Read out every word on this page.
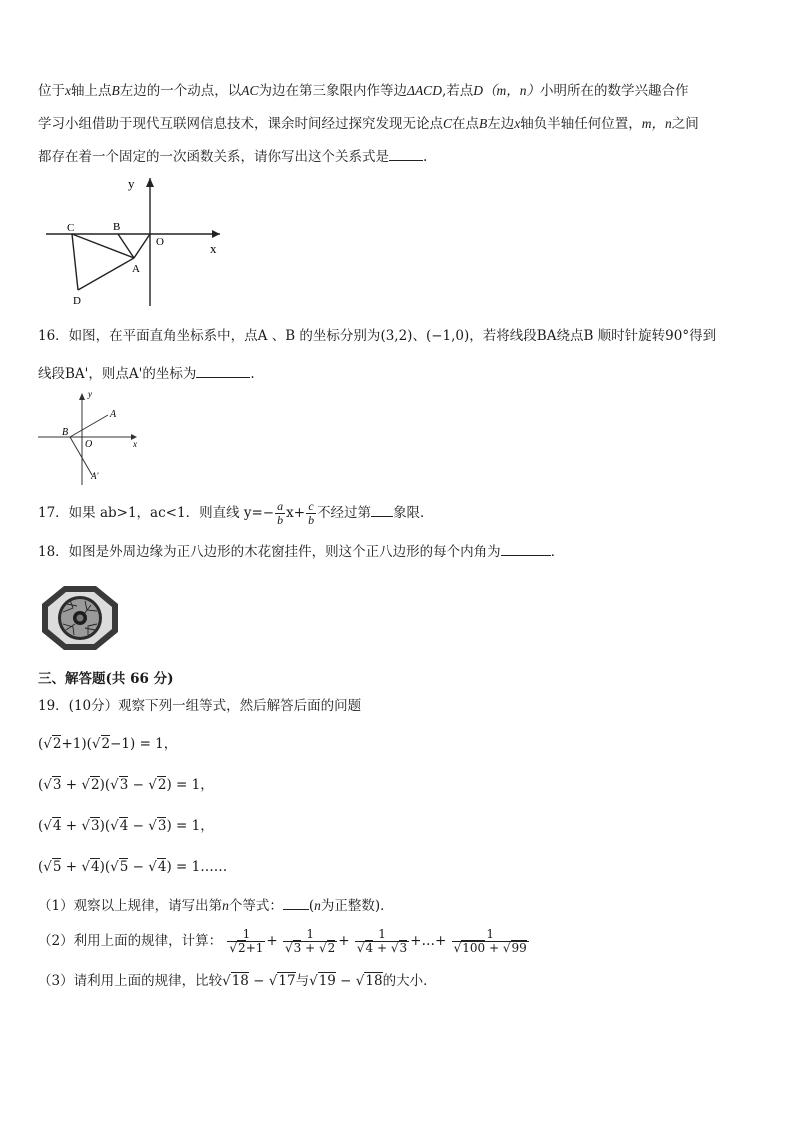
位于x轴上点B左边的一个动点，以AC为边在第三象限内作等边ΔACD,若点D（m，n）小明所在的数学兴趣合作
学习小组借助于现代互联网信息技术，课余时间经过探究发现无论点C在点B左边x轴负半轴任何位置，m，n之间
都存在着一个固定的一次函数关系，请你写出这个关系式是	.
y
x
O
C	B
A
D
16．如图，在平面直角坐标系中，点A 、B 的坐标分别为(3,2)、(−1,0)，若将线段BA绕点B 顺时针旋转90°得到
线段BA'，则点A'的坐标为	.
y
x
O
B
A
A'
17．如果 ab>1，ac<1．则直线 $y=- \frac{a}{b} x+ \frac{c}{b}$ 不经过第 象限．
18．如图是外周边缘为正八边形的木花窗挂件，则这个正八边形的每个内角为	．
三、解答题(共 66 分)
19．(10分）观察下列一组等式，然后解答后面的问题
(√2+1)(√2−1) = 1，
(√3 + √2)(√3 − √2) = 1，
(√4 + √3)(√4 − √3) = 1，
(√5 + √4)(√5 − √4) = 1……
（1）观察以上规律，请写出第n个等式： (n为正整数)．
（2）利用上面的规律，计算： $\frac{1}{√2+1} + \frac{1}{√3 + √2} + \frac{1}{√4 + √3}$ +…+ $\frac{1}{√100 + √99}$
（3）请利用上面的规律，比较√18 − √17与√19 − √18的大小．
